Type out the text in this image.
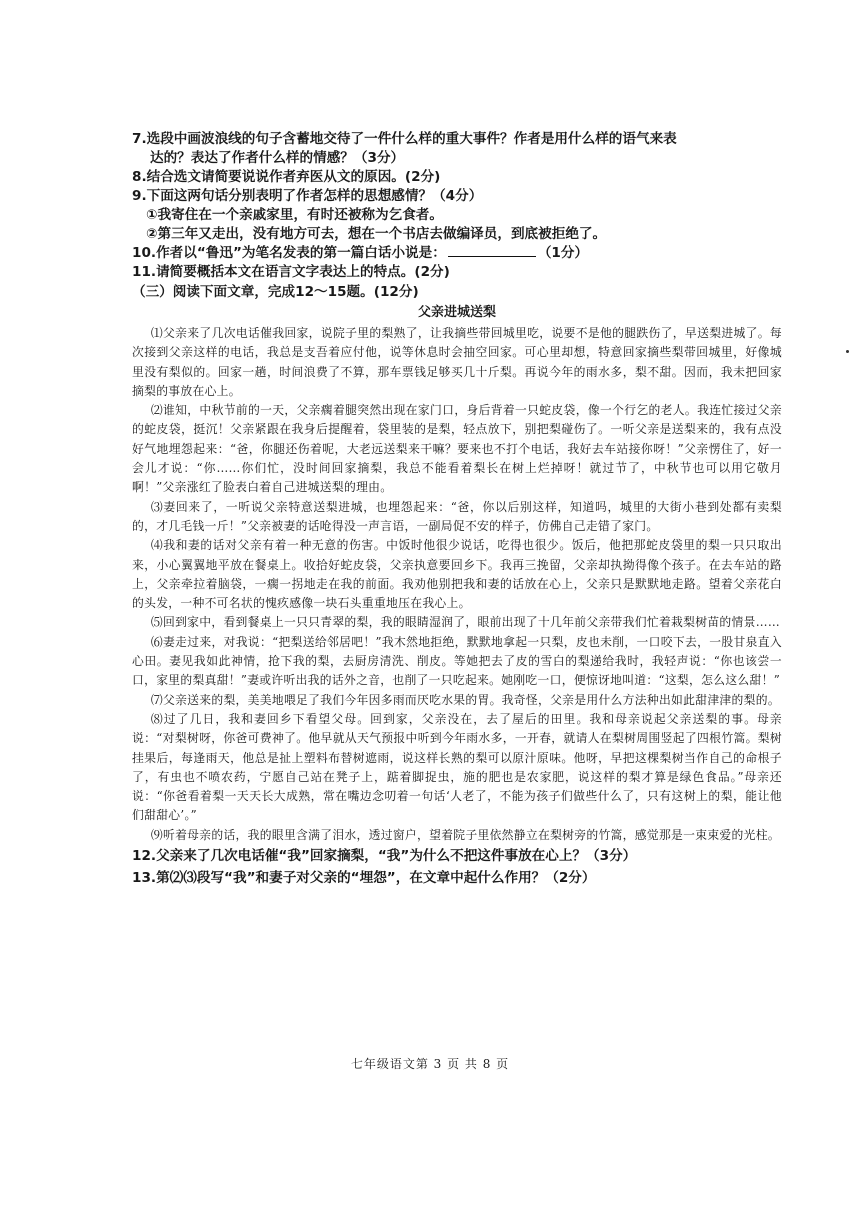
7.选段中画波浪线的句子含蓄地交待了一件什么样的重大事件？作者是用什么样的语气来表

达的？表达了作者什么样的情感？（3分）

8.结合选文请简要说说作者弃医从文的原因。(2分)

9.下面这两句话分别表明了作者怎样的思想感情？（4分）

①我寄住在一个亲戚家里，有时还被称为乞食者。

②第三年又走出，没有地方可去，想在一个书店去做编译员，到底被拒绝了。

10.作者以“鲁迅”为笔名发表的第一篇白话小说是：	（1分）

11.请简要概括本文在语言文字表达上的特点。(2分)

（三）阅读下面文章，完成12～15题。(12分)
父亲进城送梨

⑴父亲来了几次电话催我回家，说院子里的梨熟了，让我摘些带回城里吃，说要不是他的腿跌伤了，早送梨进城了。每次接到父亲这样的电话，我总是支吾着应付他，说等休息时会抽空回家。可心里却想，特意回家摘些梨带回城里，好像城里没有梨似的。回家一趟，时间浪费了不算，那车票钱足够买几十斤梨。再说今年的雨水多，梨不甜。因而，我未把回家摘梨的事放在心上。

⑵谁知，中秋节前的一天，父亲瘸着腿突然出现在家门口，身后背着一只蛇皮袋，像一个行乞的老人。我连忙接过父亲的蛇皮袋，挺沉！父亲紧跟在我身后提醒着，袋里装的是梨，轻点放下，别把梨碰伤了。一听父亲是送梨来的，我有点没好气地埋怨起来：“爸，你腿还伤着呢，大老远送梨来干嘛？要来也不打个电话，我好去车站接你呀！”父亲愣住了，好一会儿才说：“你……你们忙，没时间回家摘梨，我总不能看着梨长在树上烂掉呀！就过节了，中秋节也可以用它敬月啊！”父亲涨红了脸表白着自己进城送梨的理由。

⑶妻回来了，一听说父亲特意送梨进城，也埋怨起来：“爸，你以后别这样，知道吗，城里的大街小巷到处都有卖梨的，才几毛钱一斤！”父亲被妻的话呛得没一声言语，一副局促不安的样子，仿佛自己走错了家门。

⑷我和妻的话对父亲有着一种无意的伤害。中饭时他很少说话，吃得也很少。饭后，他把那蛇皮袋里的梨一只只取出来，小心翼翼地平放在餐桌上。收拾好蛇皮袋，父亲执意要回乡下。我再三挽留，父亲却执拗得像个孩子。在去车站的路上，父亲牵拉着脑袋，一瘸一拐地走在我的前面。我劝他别把我和妻的话放在心上，父亲只是默默地走路。望着父亲花白的头发，一种不可名状的愧疚感像一块石头重重地压在我心上。

⑸回到家中，看到餐桌上一只只青翠的梨，我的眼睛湿润了，眼前出现了十几年前父亲带我们忙着栽梨树苗的情景……

⑹妻走过来，对我说：“把梨送给邻居吧！”我木然地拒绝，默默地拿起一只梨，皮也未削，一口咬下去，一股甘泉直入心田。妻见我如此神情，抢下我的梨，去厨房清洗、削皮。等她把去了皮的雪白的梨递给我时，我轻声说：“你也该尝一口，家里的梨真甜！”妻或许听出我的话外之音，也削了一只吃起来。她刚吃一口，便惊讶地叫道：“这梨，怎么这么甜！”

⑺父亲送来的梨，美美地喂足了我们今年因多雨而厌吃水果的胃。我奇怪，父亲是用什么方法种出如此甜津津的梨的。

⑻过了几日，我和妻回乡下看望父母。回到家，父亲没在，去了屋后的田里。我和母亲说起父亲送梨的事。母亲说：“对梨树呀，你爸可费神了。他早就从天气预报中听到今年雨水多，一开春，就请人在梨树周围竖起了四根竹篙。梨树挂果后，每逢雨天，他总是扯上塑料布替树遮雨，说这样长熟的梨可以原汁原味。他呀，早把这棵梨树当作自己的命根子了，有虫也不喷农药，宁愿自己站在凳子上，踮着脚捉虫，施的肥也是农家肥，说这样的梨才算是绿色食品。”母亲还说：“你爸看着梨一天天长大成熟，常在嘴边念叨着一句话‘人老了，不能为孩子们做些什么了，只有这树上的梨，能让他们甜甜心’。”

⑼听着母亲的话，我的眼里含满了泪水，透过窗户，望着院子里依然静立在梨树旁的竹篙，感觉那是一束束爱的光柱。

12.父亲来了几次电话催“我”回家摘梨，“我”为什么不把这件事放在心上？（3分）

13.第⑵⑶段写“我”和妻子对父亲的“埋怨”，在文章中起什么作用？（2分）

七年级语文第 3 页 共 8 页
